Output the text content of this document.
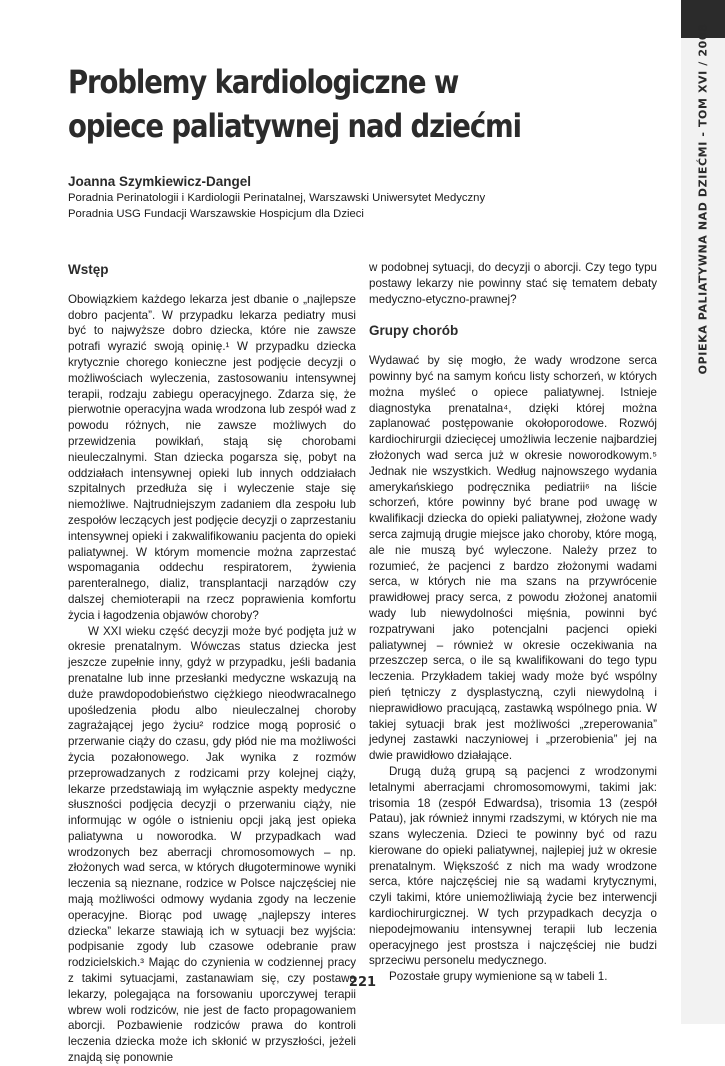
OPIEKA PALIATYWNA NAD DZIEĆMI - TOM XVI / 2008
Problemy kardiologiczne w opiece paliatywnej nad dziećmi
Joanna Szymkiewicz-Dangel
Poradnia Perinatologii i Kardiologii Perinatalnej, Warszawski Uniwersytet Medyczny
Poradnia USG Fundacji Warszawskie Hospicjum dla Dzieci
Wstęp

Obowiązkiem każdego lekarza jest dbanie o „najlepsze dobro pacjenta”. W przypadku lekarza pediatry musi być to najwyższe dobro dziecka, które nie zawsze potrafi wyrazić swoją opinię.¹ W przypadku dziecka krytycznie chorego konieczne jest podjęcie decyzji o możliwościach wyleczenia, zastosowaniu intensywnej terapii, rodzaju zabiegu operacyjnego. Zdarza się, że pierwotnie operacyjna wada wrodzona lub zespół wad z powodu różnych, nie zawsze możliwych do przewidzenia powikłań, stają się chorobami nieuleczalnymi. Stan dziecka pogarsza się, pobyt na oddziałach intensywnej opieki lub innych oddziałach szpitalnych przedłuża się i wyleczenie staje się niemożliwe. Najtrudniejszym zadaniem dla zespołu lub zespołów leczących jest podjęcie decyzji o zaprzestaniu intensywnej opieki i zakwalifikowaniu pacjenta do opieki paliatywnej. W którym momencie można zaprzestać wspomagania oddechu respiratorem, żywienia parenteralnego, dializ, transplantacji narządów czy dalszej chemioterapii na rzecz poprawienia komfortu życia i łagodzenia objawów choroby?

W XXI wieku część decyzji może być podjęta już w okresie prenatalnym. Wówczas status dziecka jest jeszcze zupełnie inny, gdyż w przypadku, jeśli badania prenatalne lub inne przesłanki medyczne wskazują na duże prawdopodobieństwo ciężkiego nieodwracalnego upośledzenia płodu albo nieuleczalnej choroby zagrażającej jego życiu² rodzice mogą poprosić o przerwanie ciąży do czasu, gdy płód nie ma możliwości życia pozałonowego. Jak wynika z rozmów przeprowadzanych z rodzicami przy kolejnej ciąży, lekarze przedstawiają im wyłącznie aspekty medyczne słuszności podjęcia decyzji o przerwaniu ciąży, nie informując w ogóle o istnieniu opcji jaką jest opieka paliatywna u noworodka. W przypadkach wad wrodzonych bez aberracji chromosomowych – np. złożonych wad serca, w których długoterminowe wyniki leczenia są nieznane, rodzice w Polsce najczęściej nie mają możliwości odmowy wydania zgody na leczenie operacyjne. Biorąc pod uwagę „najlepszy interes dziecka” lekarze stawiają ich w sytuacji bez wyjścia: podpisanie zgody lub czasowe odebranie praw rodzicielskich.³ Mając do czynienia w codziennej pracy z takimi sytuacjami, zastanawiam się, czy postawa lekarzy, polegająca na forsowaniu uporczywej terapii wbrew woli rodziców, nie jest de facto propagowaniem aborcji. Pozbawienie rodziców prawa do kontroli leczenia dziecka może ich skłonić w przyszłości, jeżeli znajdą się ponownie

w podobnej sytuacji, do decyzji o aborcji. Czy tego typu postawy lekarzy nie powinny stać się tematem debaty medyczno-etyczno-prawnej?

Grupy chorób

Wydawać by się mogło, że wady wrodzone serca powinny być na samym końcu listy schorzeń, w których można myśleć o opiece paliatywnej. Istnieje diagnostyka prenatalna⁴, dzięki której można zaplanować postępowanie okołoporodowe. Rozwój kardiochirurgii dziecięcej umożliwia leczenie najbardziej złożonych wad serca już w okresie noworodkowym.⁵ Jednak nie wszystkich. Według najnowszego wydania amerykańskiego podręcznika pediatrii⁶ na liście schorzeń, które powinny być brane pod uwagę w kwalifikacji dziecka do opieki paliatywnej, złożone wady serca zajmują drugie miejsce jako choroby, które mogą, ale nie muszą być wyleczone. Należy przez to rozumieć, że pacjenci z bardzo złożonymi wadami serca, w których nie ma szans na przywrócenie prawidłowej pracy serca, z powodu złożonej anatomii wady lub niewydolności mięśnia, powinni być rozpatrywani jako potencjalni pacjenci opieki paliatywnej – również w okresie oczekiwania na przeszczep serca, o ile są kwalifikowani do tego typu leczenia. Przykładem takiej wady może być wspólny pień tętniczy z dysplastyczną, czyli niewydolną i nieprawidłowo pracującą, zastawką wspólnego pnia. W takiej sytuacji brak jest możliwości „zreperowania” jedynej zastawki naczyniowej i „przerobienia” jej na dwie prawidłowo działające.

Drugą dużą grupą są pacjenci z wrodzonymi letalnymi aberracjami chromosomowymi, takimi jak: trisomia 18 (zespół Edwardsa), trisomia 13 (zespół Patau), jak również innymi rzadszymi, w których nie ma szans wyleczenia. Dzieci te powinny być od razu kierowane do opieki paliatywnej, najlepiej już w okresie prenatalnym. Większość z nich ma wady wrodzone serca, które najczęściej nie są wadami krytycznymi, czyli takimi, które uniemożliwiają życie bez interwencji kardiochirurgicznej. W tych przypadkach decyzja o niepodejmowaniu intensywnej terapii lub leczenia operacyjnego jest prostsza i najczęściej nie budzi sprzeciwu personelu medycznego.

Pozostałe grupy wymienione są w tabeli 1.

221
